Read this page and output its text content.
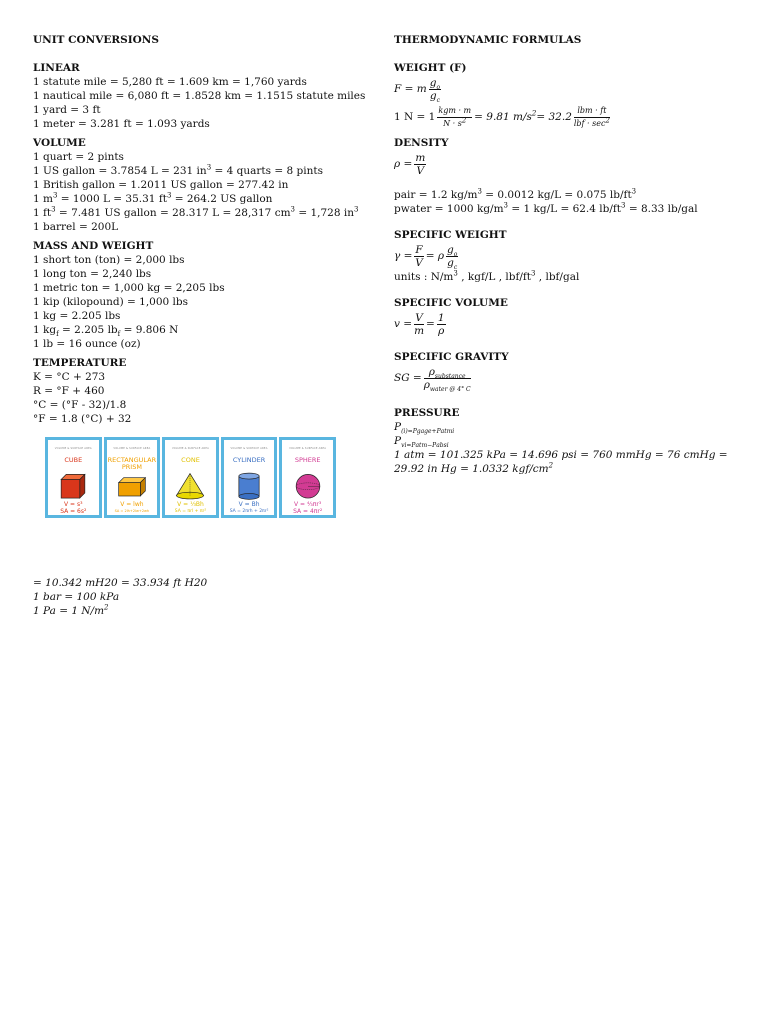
UNIT CONVERSIONS
LINEAR
1 statute mile = 5,280 ft = 1.609 km = 1,760 yards
1 nautical mile = 6,080 ft = 1.8528 km = 1.1515 statute miles
1 yard = 3 ft
1 meter = 3.281 ft = 1.093 yards
VOLUME
1 quart = 2 pints
1 US gallon = 3.7854 L = 231 $in^3 = 4$ quarts = 8 pints
1 British gallon = 1.2011 US gallon = 277.42 in
1 $m^3 = 1000$ L = 35.31 $ft^3 = 264.2$ US gallon
1 $ft^3 = 7.481$ US gallon = 28.317 L = 28,317 $cm^3 = 1,728$ $in^3$
1 barrel = 200L
MASS AND WEIGHT
1 short ton (ton) = 2,000 lbs
1 long ton = 2,240 lbs
1 metric ton = 1,000 kg = 2,205 lbs
1 kip (kilopound) = 1,000 lbs
1 kg = 2.205 lbs
1 $kg_f = 2.205$ $lb_f = 9.806$ N
1 lb = 16 ounce (oz)
TEMPERATURE
K = °C + 273
R = °F + 460
°C = (°F - 32)/1.8
°F = 1.8 (°C) + 32
VOLUME & SURFACE AREA
CUBE
V = s³
SA = 6s²
VOLUME & SURFACE AREA
RECTANGULAR PRISM
V = lwh
SA = 2lh+2lw+2wh
VOLUME & SURFACE AREA
CONE
V = ⅓Bh
SA = πrl + πr²
VOLUME & SURFACE AREA
CYLINDER
V = Bh
SA = 2πrh + 2πr²
VOLUME & SURFACE AREA
SPHERE
V = ⁴⁄₃πr³
SA = 4πr²
= 10.342 mH20 = 33.934 ft H20
1 bar = 100 kPa
1 Pa = 1 $N/m^2$
THERMODYNAMIC FORMULAS
WEIGHT (F)
F = m $\frac{g_o}{g_c}$
1 $N = 1 \frac{\text{kgm · m}}{N \cdot s^2} = 9.81$ $m/s^2= 32.2 \frac{\text{lbm · ft}}{lbf \cdot \sec^2}$
DENSITY
$\rho = \frac{m}{V}$
pair = 1.2 $kg/m^3 = 0.0012$ kg/L = 0.075 $lb/ft^3$
pwater = 1000 $kg/m^3 = 1$ kg/L = 62.4 $lb/ft^3 = 8.33$ lb/gal
SPECIFIC WEIGHT
$\gamma = \frac{F}{V} = \rho \frac{g_o}{g_c}$
units : $N/m^3$ , kgf/L , lbf/$ft^3$ , lbf/gal
SPECIFIC VOLUME
$v = \frac{V}{m} = \frac{1}{\rho}$
SPECIFIC GRAVITY
SG = $\frac{\rho_{substance}}{\rho_{water @ 4^\circ C}}$
PRESSURE
$P_{(𝑖)=P𝑔𝑎𝑔𝑒+P𝑎𝑡𝑚𝑖}$
$P_{𝑣𝑖=P𝑎𝑡𝑚-P𝑎𝑏𝑠𝑖}$
1 atm = 101.325 kPa = 14.696 psi = 760 mmHg = 76 cmHg =
29.92 in Hg = 1.0332 kgf/$cm^2$
